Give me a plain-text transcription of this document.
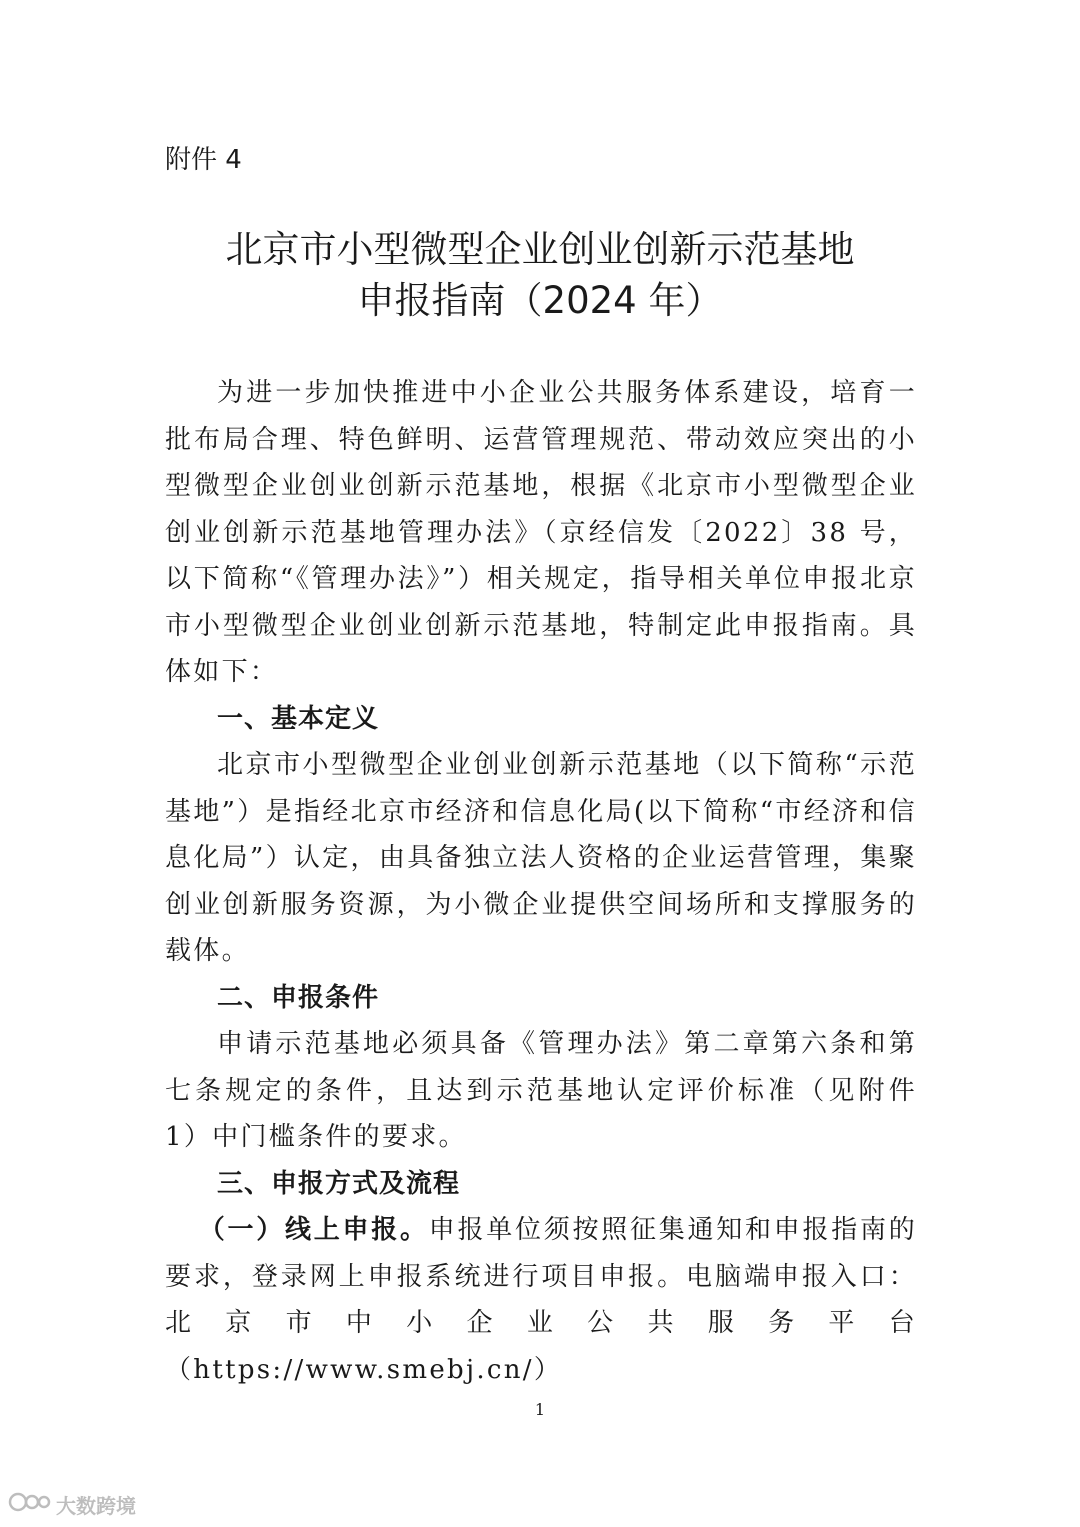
附件 4
北京市小型微型企业创业创新示范基地
申报指南（2024 年）

为进一步加快推进中小企业公共服务体系建设，培育一批布局合理、特色鲜明、运营管理规范、带动效应突出的小型微型企业创业创新示范基地，根据《北京市小型微型企业创业创新示范基地管理办法》（京经信发〔2022〕38 号，以下简称“《管理办法》”）相关规定，指导相关单位申报北京市小型微型企业创业创新示范基地，特制定此申报指南。具体如下：

一、基本定义

北京市小型微型企业创业创新示范基地（以下简称“示范基地”）是指经北京市经济和信息化局(以下简称“市经济和信息化局”）认定，由具备独立法人资格的企业运营管理，集聚创业创新服务资源，为小微企业提供空间场所和支撑服务的载体。

二、申报条件

申请示范基地必须具备《管理办法》第二章第六条和第七条规定的条件，且达到示范基地认定评价标准（见附件 1）中门槛条件的要求。

三、申报方式及流程

（一）线上申报。申报单位须按照征集通知和申报指南的要求，登录网上申报系统进行项目申报。电脑端申报入口：北京市中小企业公共服务平台（https://www.smebj.cn/）

1
大数跨境
